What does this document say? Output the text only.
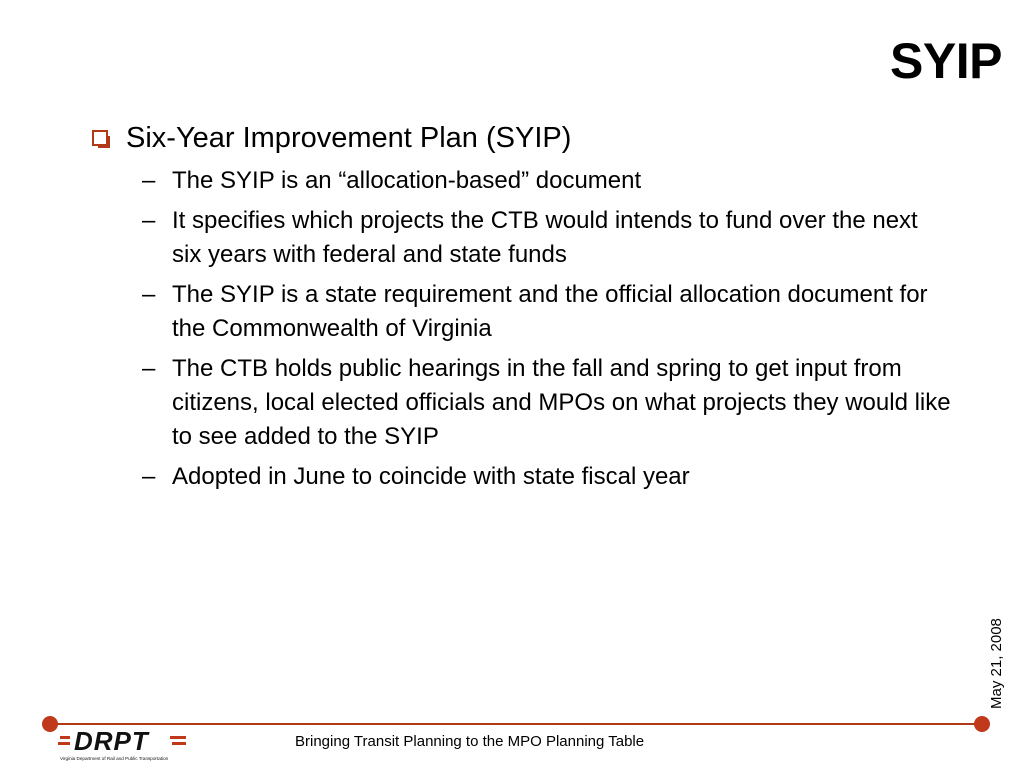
SYIP
Six-Year Improvement Plan (SYIP)
– The SYIP is an “allocation-based” document
– It specifies which projects the CTB would intends to fund over the next six years with federal and state funds
– The SYIP is a state requirement and the official allocation document for the Commonwealth of Virginia
– The CTB holds public hearings in the fall and spring to get input from citizens, local elected officials and MPOs on what projects they would like to see added to the SYIP
– Adopted in June to coincide with state fiscal year
May 21, 2008
DRPT
Virginia Department of Rail and Public Transportation
Bringing Transit Planning to the MPO Planning Table
